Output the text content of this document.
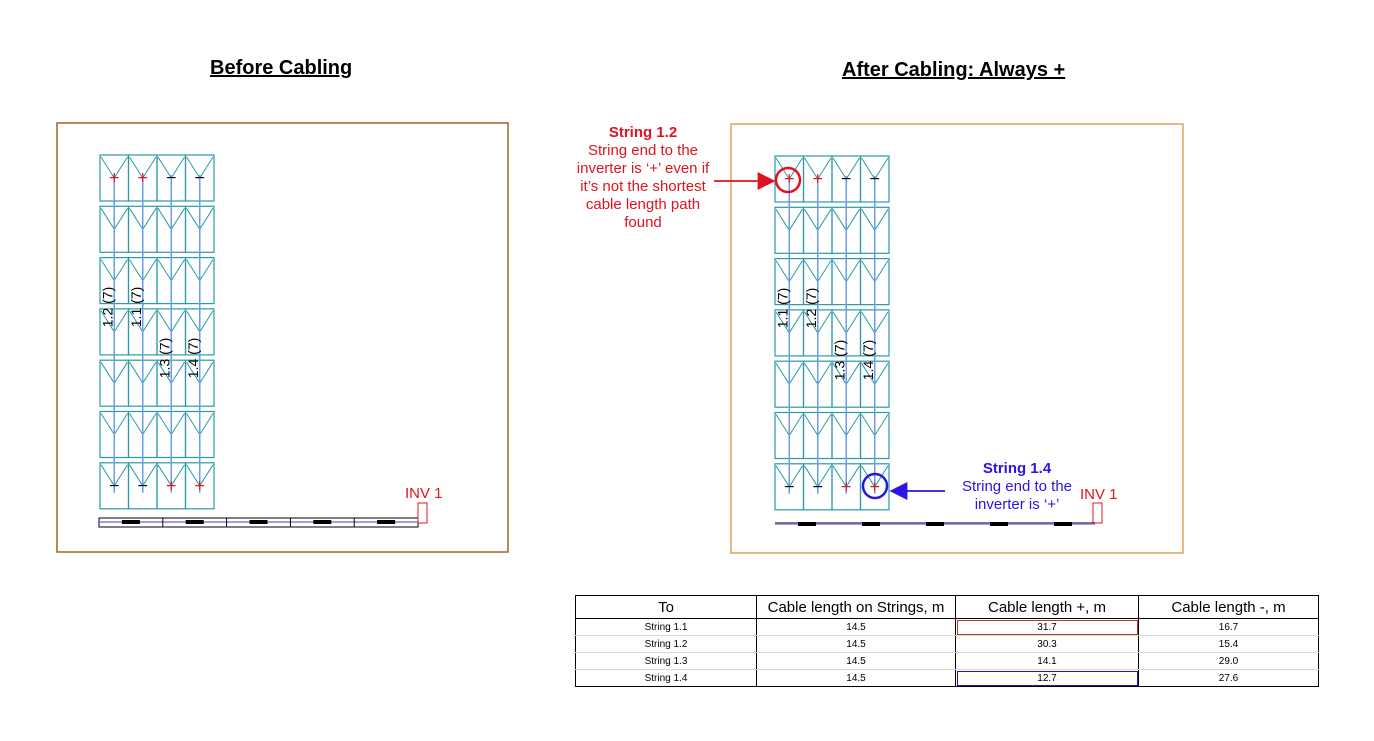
Before Cabling	After Cabling: Always +
+
−
+
−
−
+
−
+
1.2 (7) 1.1 (7)
1.3 (7) 1.4 (7)
INV 1
+
−
+
−
−
+
−
+
1.1 (7) 1.2 (7)
1.3 (7) 1.4 (7)
INV 1
String 1.2
String end to the
inverter is ‘+’ even if
it’s not the shortest
cable length path
found
String 1.4
String end to the
inverter is ‘+’
To	Cable length on Strings, m	Cable length +, m	Cable length -, m
String 1.1	14.5	31.7	16.7
String 1.2	14.5	30.3	15.4
String 1.3	14.5	14.1	29.0
String 1.4	14.5	12.7	27.6
